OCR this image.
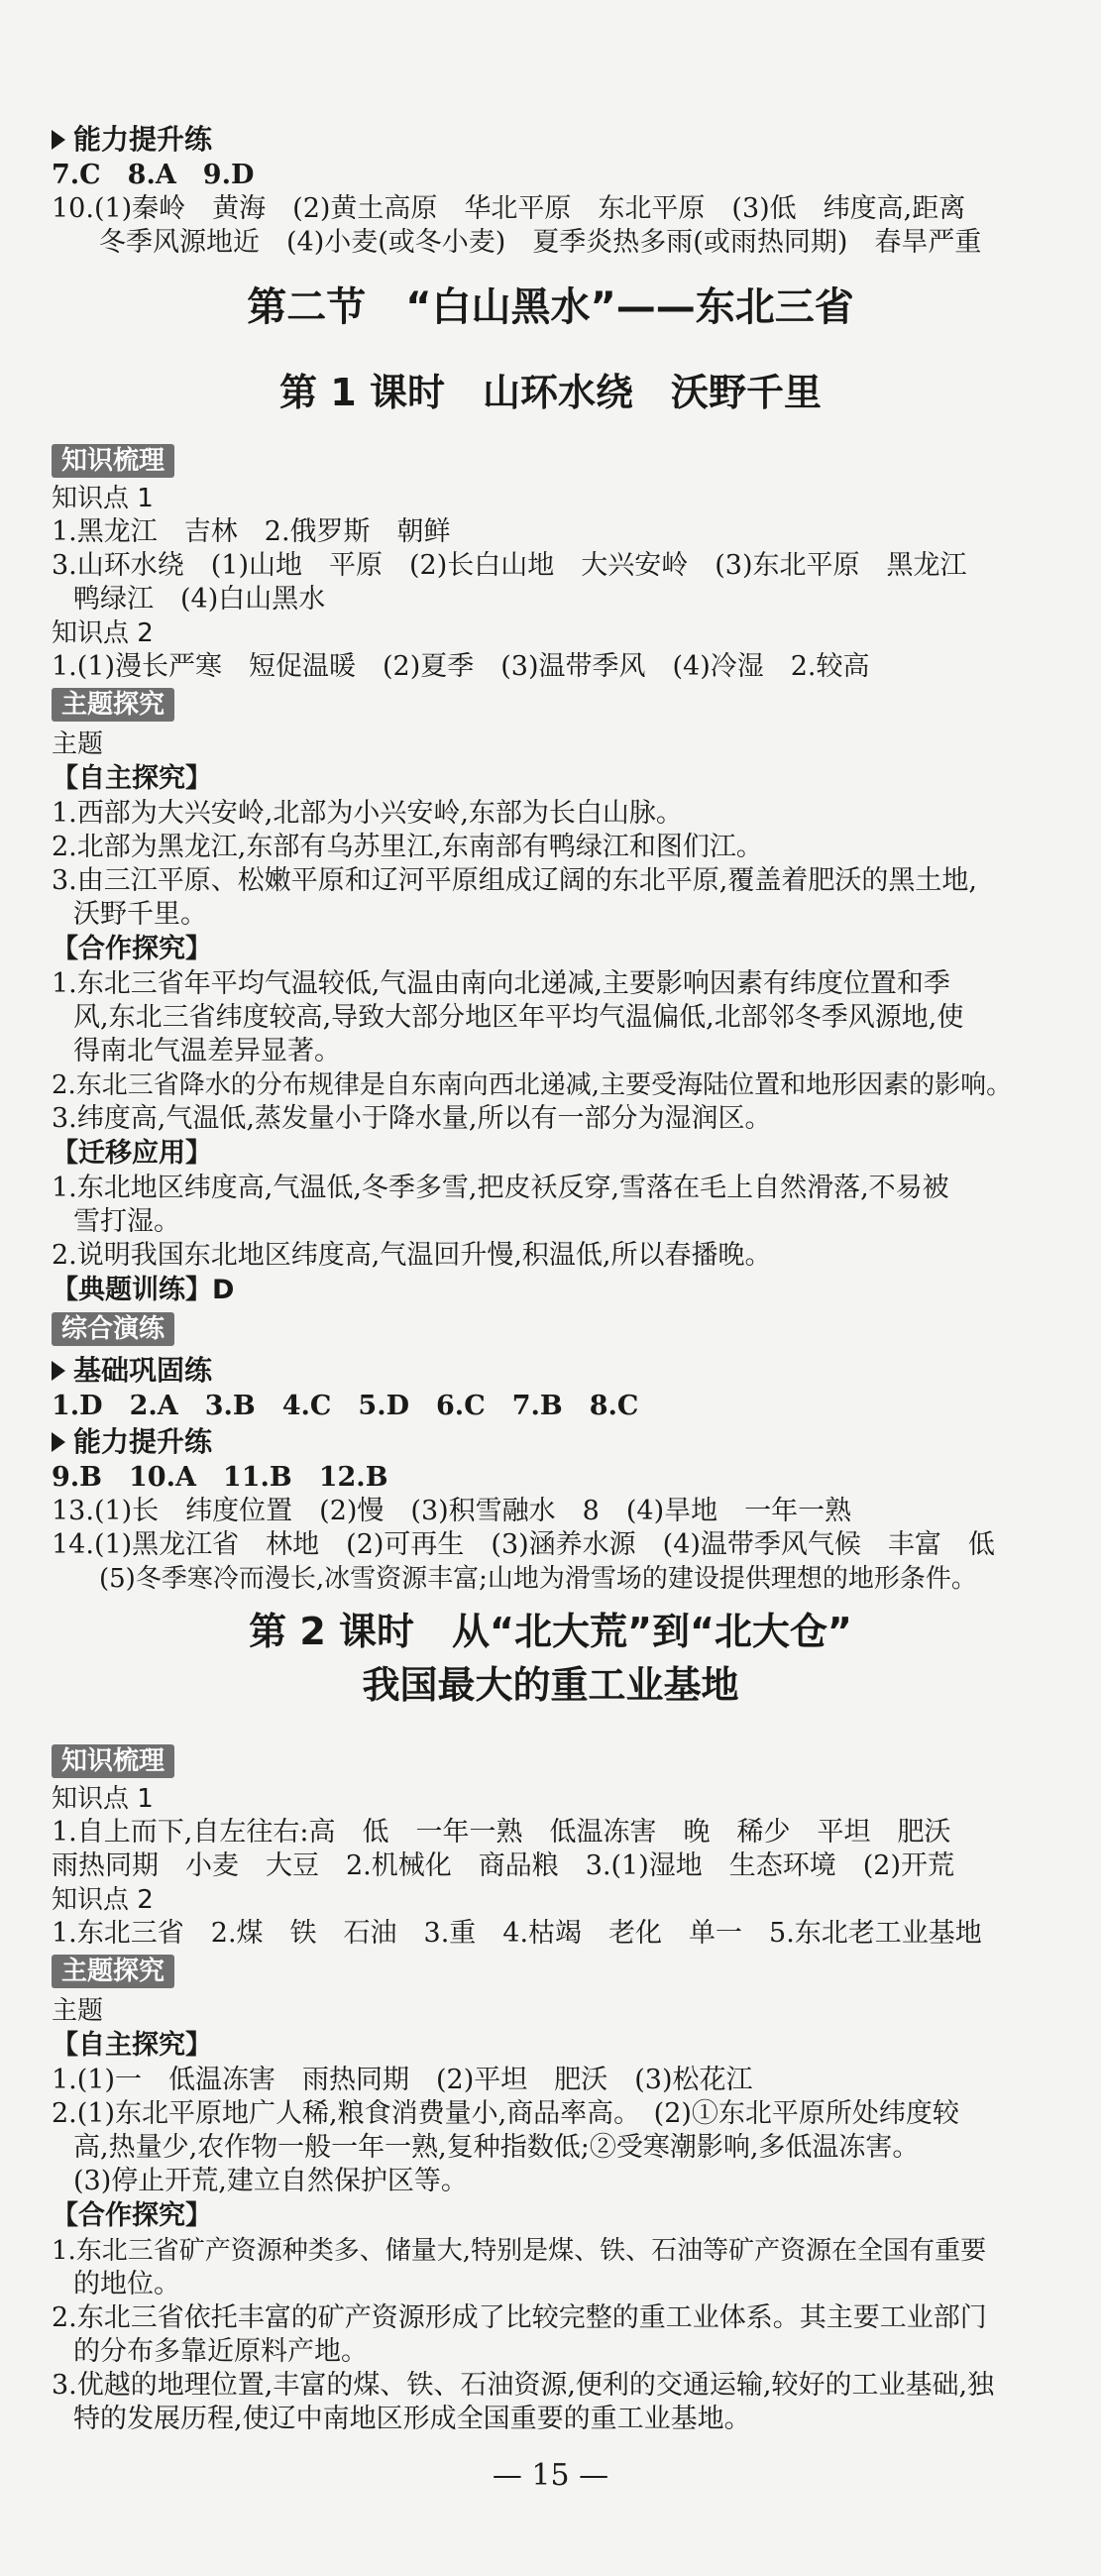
能力提升练
7.C　8.A　9.D
10.(1)秦岭　黄海　(2)黄土高原　华北平原　东北平原　(3)低　纬度高,距离
冬季风源地近　(4)小麦(或冬小麦)　夏季炎热多雨(或雨热同期)　春旱严重
第二节　“白山黑水”——东北三省
第 1 课时　山环水绕　沃野千里
知识梳理
知识点 1
1.黑龙江　吉林　2.俄罗斯　朝鲜
3.山环水绕　(1)山地　平原　(2)长白山地　大兴安岭　(3)东北平原　黑龙江
鸭绿江　(4)白山黑水
知识点 2
1.(1)漫长严寒　短促温暖　(2)夏季　(3)温带季风　(4)冷湿　2.较高
主题探究
主题
【自主探究】
1.西部为大兴安岭,北部为小兴安岭,东部为长白山脉。
2.北部为黑龙江,东部有乌苏里江,东南部有鸭绿江和图们江。
3.由三江平原、松嫩平原和辽河平原组成辽阔的东北平原,覆盖着肥沃的黑土地,
沃野千里。
【合作探究】
1.东北三省年平均气温较低,气温由南向北递减,主要影响因素有纬度位置和季
风,东北三省纬度较高,导致大部分地区年平均气温偏低,北部邻冬季风源地,使
得南北气温差异显著。
2.东北三省降水的分布规律是自东南向西北递减,主要受海陆位置和地形因素的影响。
3.纬度高,气温低,蒸发量小于降水量,所以有一部分为湿润区。
【迁移应用】
1.东北地区纬度高,气温低,冬季多雪,把皮袄反穿,雪落在毛上自然滑落,不易被
雪打湿。
2.说明我国东北地区纬度高,气温回升慢,积温低,所以春播晚。
【典题训练】D
综合演练
基础巩固练
1.D　2.A　3.B　4.C　5.D　6.C　7.B　8.C
能力提升练
9.B　10.A　11.B　12.B
13.(1)长　纬度位置　(2)慢　(3)积雪融水　8　(4)旱地　一年一熟
14.(1)黑龙江省　林地　(2)可再生　(3)涵养水源　(4)温带季风气候　丰富　低
(5)冬季寒冷而漫长,冰雪资源丰富;山地为滑雪场的建设提供理想的地形条件。
第 2 课时　从“北大荒”到“北大仓”
我国最大的重工业基地
知识梳理
知识点 1
1.自上而下,自左往右:高　低　一年一熟　低温冻害　晚　稀少　平坦　肥沃
雨热同期　小麦　大豆　2.机械化　商品粮　3.(1)湿地　生态环境　(2)开荒
知识点 2
1.东北三省　2.煤　铁　石油　3.重　4.枯竭　老化　单一　5.东北老工业基地
主题探究
主题
【自主探究】
1.(1)一　低温冻害　雨热同期　(2)平坦　肥沃　(3)松花江
2.(1)东北平原地广人稀,粮食消费量小,商品率高。　(2)①东北平原所处纬度较
高,热量少,农作物一般一年一熟,复种指数低;②受寒潮影响,多低温冻害。
(3)停止开荒,建立自然保护区等。
【合作探究】
1.东北三省矿产资源种类多、储量大,特别是煤、铁、石油等矿产资源在全国有重要
的地位。
2.东北三省依托丰富的矿产资源形成了比较完整的重工业体系。其主要工业部门
的分布多靠近原料产地。
3.优越的地理位置,丰富的煤、铁、石油资源,便利的交通运输,较好的工业基础,独
特的发展历程,使辽中南地区形成全国重要的重工业基地。
— 15 —
